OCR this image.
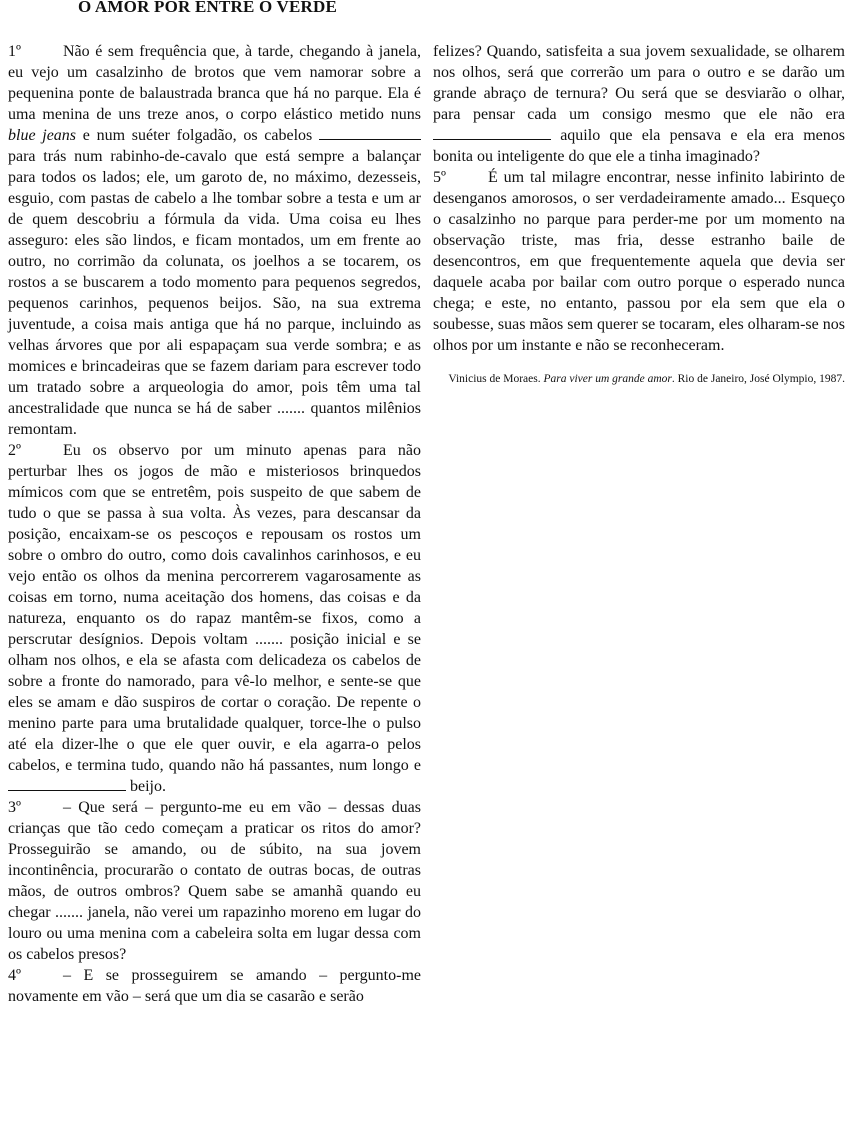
O AMOR POR ENTRE O VERDE

1º	Não é sem frequência que, à tarde, chegando à janela, eu vejo um casalzinho de brotos que vem namorar sobre a pequenina ponte de balaustrada branca que há no parque. Ela é uma menina de uns treze anos, o corpo elástico metido nuns blue jeans e num suéter folgadão, os cabelos  para trás num rabinho-de-cavalo que está sempre a balançar para todos os lados; ele, um garoto de, no máximo, dezesseis, esguio, com pastas de cabelo a lhe tombar sobre a testa e um ar de quem descobriu a fórmula da vida. Uma coisa eu lhes asseguro: eles são lindos, e ficam montados, um em frente ao outro, no corrimão da colunata, os joelhos a se tocarem, os rostos a se buscarem a todo momento para pequenos segredos, pequenos carinhos, pequenos beijos. São, na sua extrema juventude, a coisa mais antiga que há no parque, incluindo as velhas árvores que por ali espapaçam sua verde sombra; e as momices e brincadeiras que se fazem dariam para escrever todo um tratado sobre a arqueologia do amor, pois têm uma tal ancestralidade que nunca se há de saber ....... quantos milênios remontam.

2º	Eu os observo por um minuto apenas para não perturbar lhes os jogos de mão e misteriosos brinquedos mímicos com que se entretêm, pois suspeito de que sabem de tudo o que se passa à sua volta. Às vezes, para descansar da posição, encaixam-se os pescoços e repousam os rostos um sobre o ombro do outro, como dois cavalinhos carinhosos, e eu vejo então os olhos da menina percorrerem vagarosamente as coisas em torno, numa aceitação dos homens, das coisas e da natureza, enquanto os do rapaz mantêm-se fixos, como a perscrutar desígnios. Depois voltam ....... posição inicial e se olham nos olhos, e ela se afasta com delicadeza os cabelos de sobre a fronte do namorado, para vê-lo melhor, e sente-se que eles se amam e dão suspiros de cortar o coração. De repente o menino parte para uma brutalidade qualquer, torce-lhe o pulso até ela dizer-lhe o que ele quer ouvir, e ela agarra-o pelos cabelos, e termina tudo, quando não há passantes, num longo e  beijo.

3º	– Que será – pergunto-me eu em vão – dessas duas crianças que tão cedo começam a praticar os ritos do amor? Prosseguirão se amando, ou de súbito, na sua jovem incontinência, procurarão o contato de outras bocas, de outras mãos, de outros ombros? Quem sabe se amanhã quando eu chegar ....... janela, não verei um rapazinho moreno em lugar do louro ou uma menina com a cabeleira solta em lugar dessa com os cabelos presos?

4º	– E se prosseguirem se amando – pergunto-me novamente em vão – será que um dia se casarão e serão

felizes? Quando, satisfeita a sua jovem sexualidade, se olharem nos olhos, será que correrão um para o outro e se darão um grande abraço de ternura? Ou será que se desviarão o olhar, para pensar cada um consigo mesmo que ele não era  aquilo que ela pensava e ela era menos bonita ou inteligente do que ele a tinha imaginado?

5º	É um tal milagre encontrar, nesse infinito labirinto de desenganos amorosos, o ser verdadeiramente amado... Esqueço o casalzinho no parque para perder-me por um momento na observação triste, mas fria, desse estranho baile de desencontros, em que frequentemente aquela que devia ser daquele acaba por bailar com outro porque o esperado nunca chega; e este, no entanto, passou por ela sem que ela o soubesse, suas mãos sem querer se tocaram, eles olharam-se nos olhos por um instante e não se reconheceram.

Vinicius de Moraes. Para viver um grande amor. Rio de Janeiro, José Olympio, 1987.
